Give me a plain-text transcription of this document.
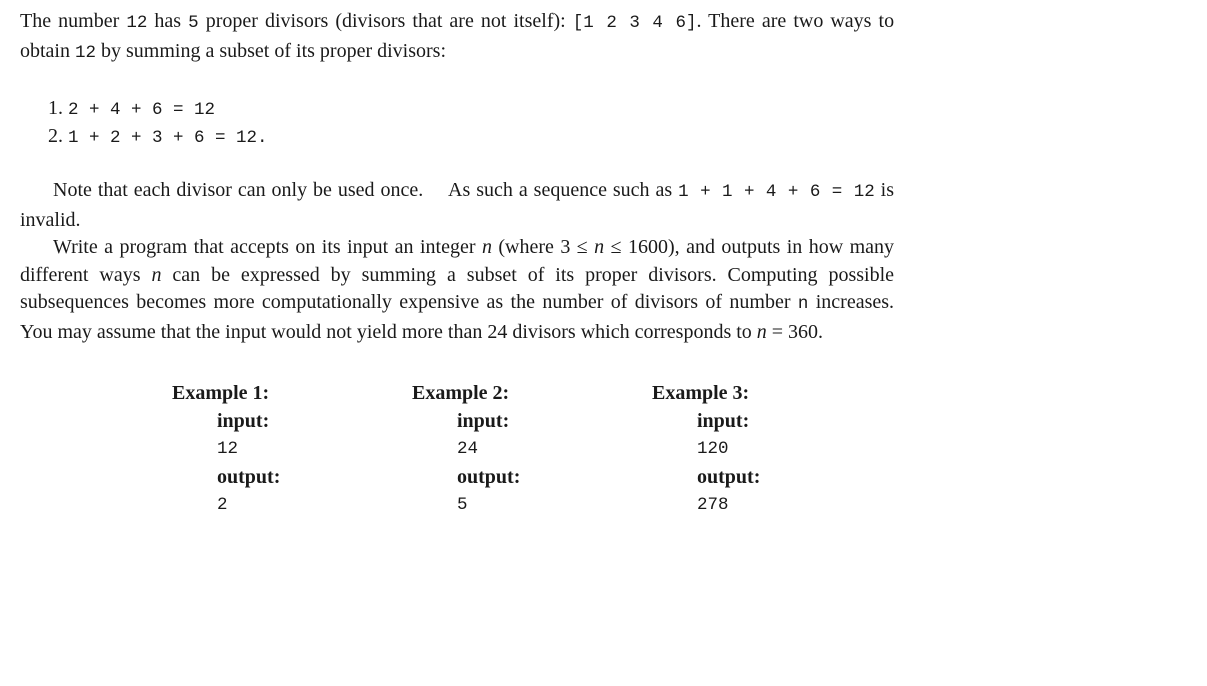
The number 12 has 5 proper divisors (divisors that are not itself): [1 2 3 4 6]. There are two ways to obtain 12 by summing a subset of its proper divisors:

1. 2 + 4 + 6 = 12
2. 1 + 2 + 3 + 6 = 12.

Note that each divisor can only be used once.  As such a sequence such as 1 + 1 + 4 + 6 = 12 is invalid.

Write a program that accepts on its input an integer n (where 3 ≤ n ≤ 1600), and outputs in how many different ways n can be expressed by summing a subset of its proper divisors. Computing possible subsequences becomes more computationally expensive as the number of divisors of number n increases. You may assume that the input would not yield more than 24 divisors which corresponds to n = 360.

Example 1:
input:
12
output:
2
Example 2:
input:
24
output:
5
Example 3:
input:
120
output:
278
